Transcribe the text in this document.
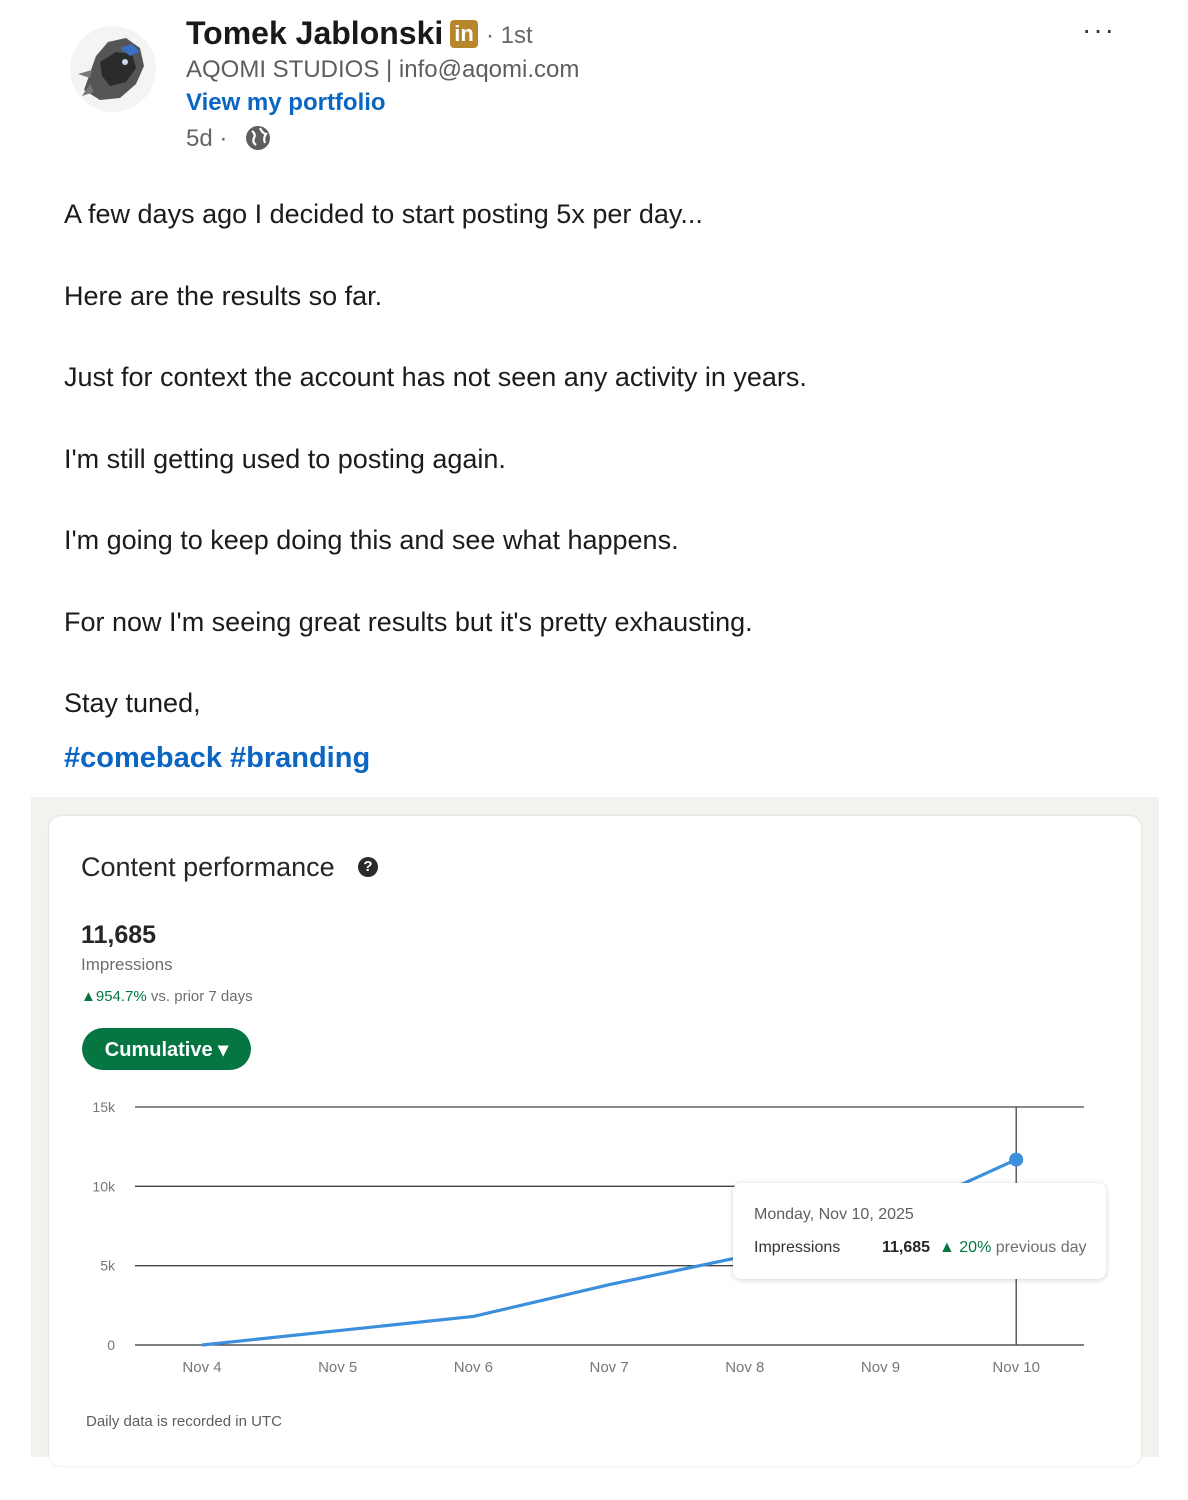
Tomek Jablonski in · 1st
AQOMI STUDIOS | info@aqomi.com
View my portfolio
5d ·
···

A few days ago I decided to start posting 5x per day...

Here are the results so far.

Just for context the account has not seen any activity in years.

I'm still getting used to posting again.

I'm going to keep doing this and see what happens.

For now I'm seeing great results but it's pretty exhausting.

Stay tuned,

#comeback #branding
Content performance	?
11,685
Impressions
▲954.7% vs. prior 7 days
Cumulative ▾
0
5k
10k
15k
Nov 4	Nov 5	Nov 6	Nov 7	Nov 8	Nov 9	Nov 10
Monday, Nov 10, 2025
Impressions	11,685 ▲ 20% previous day
Daily data is recorded in UTC
